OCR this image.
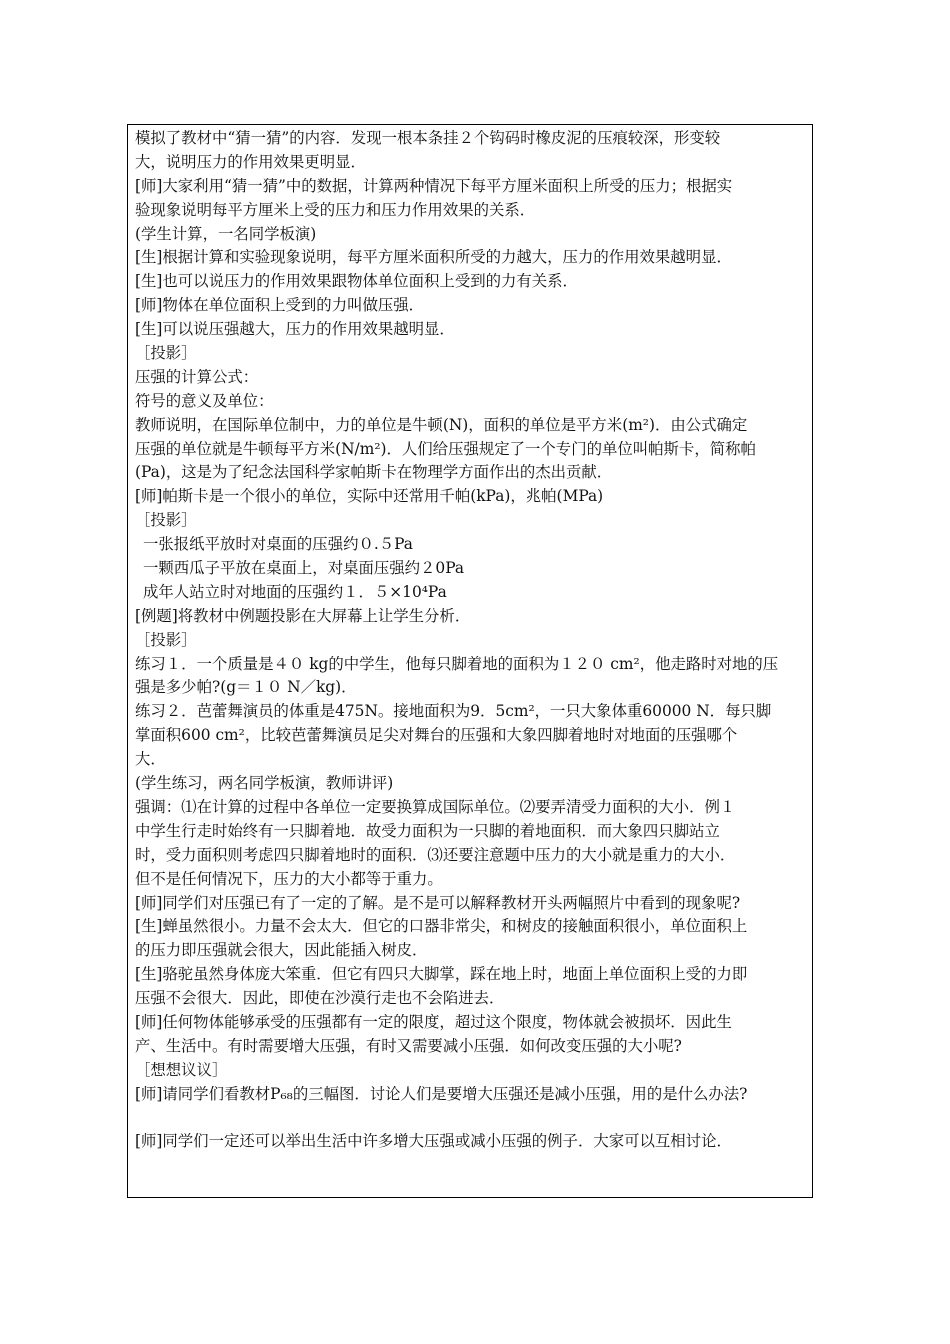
模拟了教材中“猜一猜”的内容．发现一根本条挂２个钩码时橡皮泥的压痕较深，形变较
大，说明压力的作用效果更明显．
[师]大家利用“猜一猜”中的数据，计算两种情况下每平方厘米面积上所受的压力；根据实
验现象说明每平方厘米上受的压力和压力作用效果的关系．
(学生计算，一名同学板演)
[生]根据计算和实验现象说明，每平方厘米面积所受的力越大，压力的作用效果越明显．
[生]也可以说压力的作用效果跟物体单位面积上受到的力有关系．
[师]物体在单位面积上受到的力叫做压强．
[生]可以说压强越大，压力的作用效果越明显．
［投影］
压强的计算公式：
符号的意义及单位：
教师说明，在国际单位制中，力的单位是牛顿(N)，面积的单位是平方米(m²)．由公式确定
压强的单位就是牛顿每平方米(N/m²)．人们给压强规定了一个专门的单位叫帕斯卡，简称帕
(Pa)，这是为了纪念法国科学家帕斯卡在物理学方面作出的杰出贡献．
[师]帕斯卡是一个很小的单位，实际中还常用千帕(kPa)，兆帕(MPa)
［投影］
一张报纸平放时对桌面的压强约０.５Pa
一颗西瓜子平放在桌面上，对桌面压强约２0Pa
成年人站立时对地面的压强约１．５×10⁴Pa
[例题]将教材中例题投影在大屏幕上让学生分析．
［投影］
练习１．一个质量是４０ kg的中学生，他每只脚着地的面积为１２０ cm²，他走路时对地的压
强是多少帕?(g＝１０ N／kg)．
练习２．芭蕾舞演员的体重是475N。接地面积为9．5cm²，一只大象体重60000 N．每只脚
掌面积600 cm²，比较芭蕾舞演员足尖对舞台的压强和大象四脚着地时对地面的压强哪个
大．
(学生练习，两名同学板演，教师讲评)
强调：⑴在计算的过程中各单位一定要换算成国际单位。⑵要弄清受力面积的大小．例１
中学生行走时始终有一只脚着地．故受力面积为一只脚的着地面积．而大象四只脚站立
时，受力面积则考虑四只脚着地时的面积．⑶还要注意题中压力的大小就是重力的大小．
但不是任何情况下，压力的大小都等于重力。
[师]同学们对压强已有了一定的了解。是不是可以解释教材开头两幅照片中看到的现象呢?
[生]蝉虽然很小。力量不会太大．但它的口器非常尖，和树皮的接触面积很小，单位面积上
的压力即压强就会很大，因此能插入树皮．
[生]骆驼虽然身体庞大笨重．但它有四只大脚掌，踩在地上时，地面上单位面积上受的力即
压强不会很大．因此，即使在沙漠行走也不会陷进去．
[师]任何物体能够承受的压强都有一定的限度，超过这个限度，物体就会被损坏．因此生
产、生活中。有时需要增大压强，有时又需要减小压强．如何改变压强的大小呢?
［想想议议］
[师]请同学们看教材P₆₈的三幅图．讨论人们是要增大压强还是减小压强，用的是什么办法?
[师]同学们一定还可以举出生活中许多增大压强或减小压强的例子．大家可以互相讨论．
